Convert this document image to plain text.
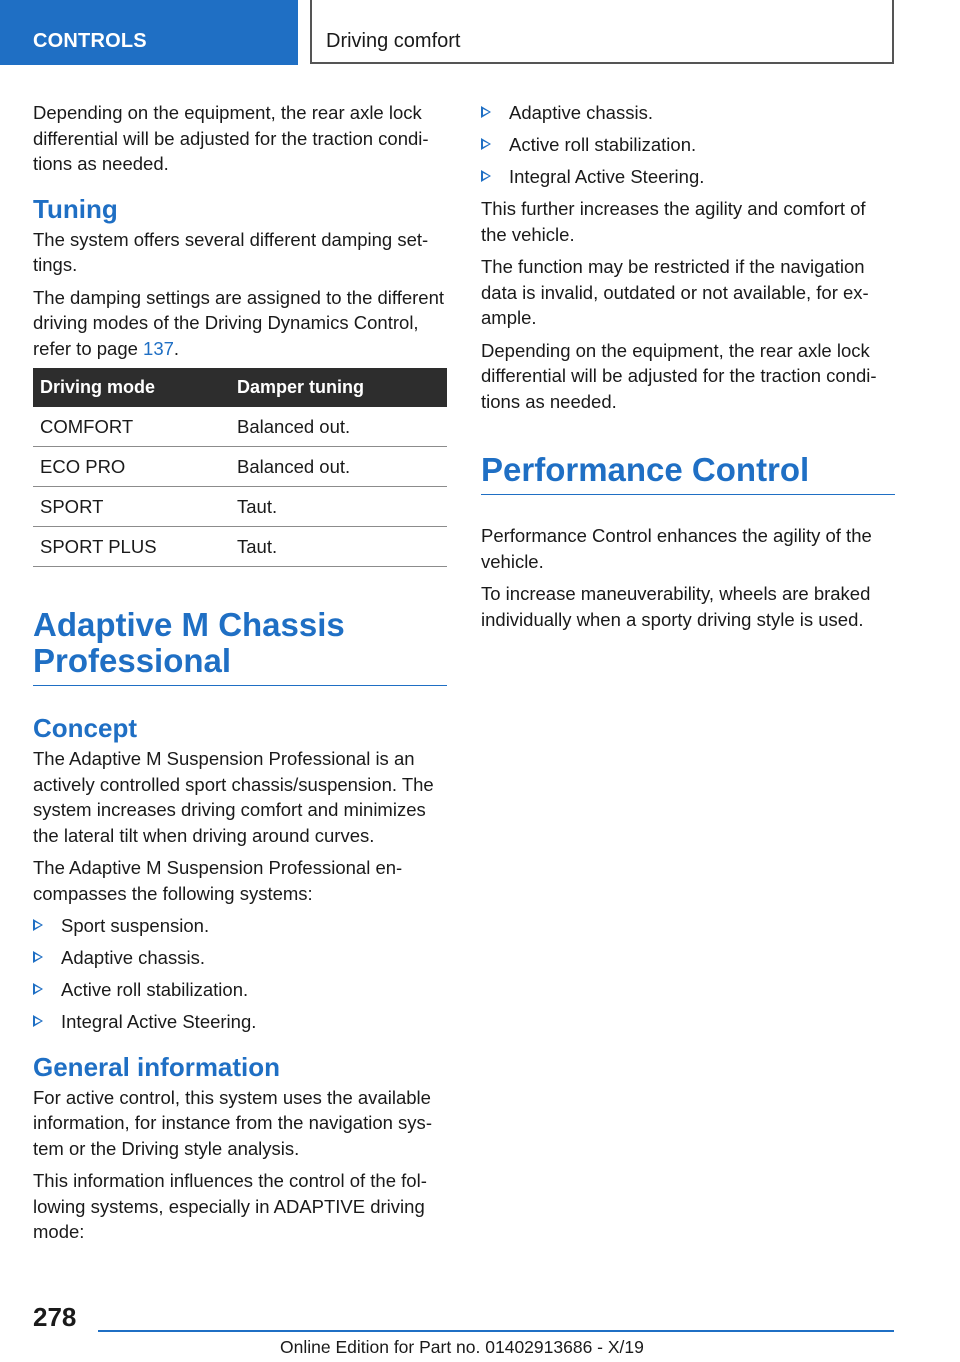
CONTROLS	Driving comfort

Depending on the equipment, the rear axle lock differential will be adjusted for the traction conditions as needed.

Tuning

The system offers several different damping settings.

The damping settings are assigned to the different driving modes of the Driving Dynamics Control, refer to page 137.

Driving mode	Damper tuning
COMFORT	Balanced out.
ECO PRO	Balanced out.
SPORT	Taut.
SPORT PLUS	Taut.
Adaptive M Chassis Professional
Concept

The Adaptive M Suspension Professional is an actively controlled sport chassis/suspension. The system increases driving comfort and minimizes the lateral tilt when driving around curves.

The Adaptive M Suspension Professional encompasses the following systems:

Sport suspension.
Adaptive chassis.
Active roll stabilization.
Integral Active Steering.
General information

For active control, this system uses the available information, for instance from the navigation system or the Driving style analysis.

This information influences the control of the following systems, especially in ADAPTIVE driving mode:

Adaptive chassis.
Active roll stabilization.
Integral Active Steering.

This further increases the agility and comfort of the vehicle.

The function may be restricted if the navigation data is invalid, outdated or not available, for example.

Depending on the equipment, the rear axle lock differential will be adjusted for the traction conditions as needed.

Performance Control

Performance Control enhances the agility of the vehicle.

To increase maneuverability, wheels are braked individually when a sporty driving style is used.

278
Online Edition for Part no. 01402913686 - X/19
